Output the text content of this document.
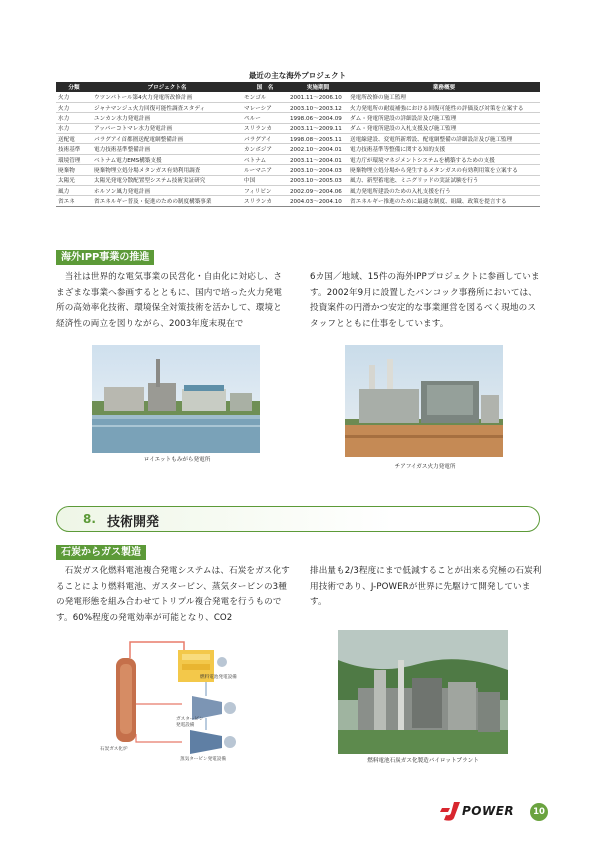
最近の主な海外プロジェクト
分類	プロジェクト名	国　名	実施期間	業務概要
火力	ウツンパトール第4火力発電所改修計画	モンゴル	2001.11〜2006.10	発電所改修の施工監理
火力	ジャナマンジュ火力回復可能性調査スタディ	マレーシア	2003.10〜2003.12	火力発電所の耐震補強における回復可能性の評価及び対策を立案する
水力	ユンカン水力発電計画	ペルー	1998.06〜2004.09	ダム・発電所建設の詳細設計及び施工監理
水力	アッパーコトマレ水力発電計画	スリランカ	2003.11〜2009.11	ダム・発電所建設の入札支援及び施工監理
送配電	パラグアイ首都圏送配電網整備計画	パラグアイ	1998.08〜2005.11	送電線建設、変電所新増設、配電網整備の詳細設計及び施工監理
技術基準	電力技術基準整備計画	カンボジア	2002.10〜2004.01	電力技術基準等整備に関する知的支援
環境管理	ベトナム電力EMS構築支援	ベトナム	2003.11〜2004.01	電力庁が環境マネジメントシステムを構築するための支援
廃棄物	廃棄物埋立処分場メタンガス有効利用調査	ルーマニア	2003.10〜2004.03	廃棄物埋立処分場から発生するメタンガスの有効利用策を立案する
太陽光	太陽光発電分散配置型システム技術実証研究	中国	2003.10〜2005.03	風力、新型蓄電池、ミニグリッドの実証試験を行う
風力	ホルソン風力発電計画	フィリピン	2002.09〜2004.06	風力発電所建設のための入札支援を行う
省エネ	省エネルギー普及・促進のための制度構築事業	スリランカ	2004.03〜2004.10	省エネルギー推進のために最適な制度、組織、政策を提言する
海外IPP事業の推進
　当社は世界的な電気事業の民営化・自由化に対応し、さまざまな事業へ参画するとともに、国内で培った火力発電所の高効率化技術、環境保全対策技術を活かして、環境と経済性の両立を図りながら、2003年度末現在で
6カ国／地域、15件の海外IPPプロジェクトに参画しています。2002年9月に設置したバンコック事務所においては、投資案件の円滑かつ安定的な事業運営を図るべく現地のスタッフとともに仕事をしています。
ロイエットもみがら発電所
チアフイガス火力発電所
8. 技術開発
石炭からガス製造
　石炭ガス化燃料電池複合発電システムは、石炭をガス化することにより燃料電池、ガスタービン、蒸気タービンの3種の発電形態を組み合わせてトリプル複合発電を行うものです。60%程度の発電効率が可能となり、CO2
排出量も2/3程度にまで低減することが出来る究極の石炭利用技術であり、J-POWERが世界に先駆けて開発しています。
燃料電池発電設備
ガスタービン発電設備
蒸気タービン発電設備
石炭ガス化炉
燃料電池石炭ガス化製造パイロットプラント
POWER	10
